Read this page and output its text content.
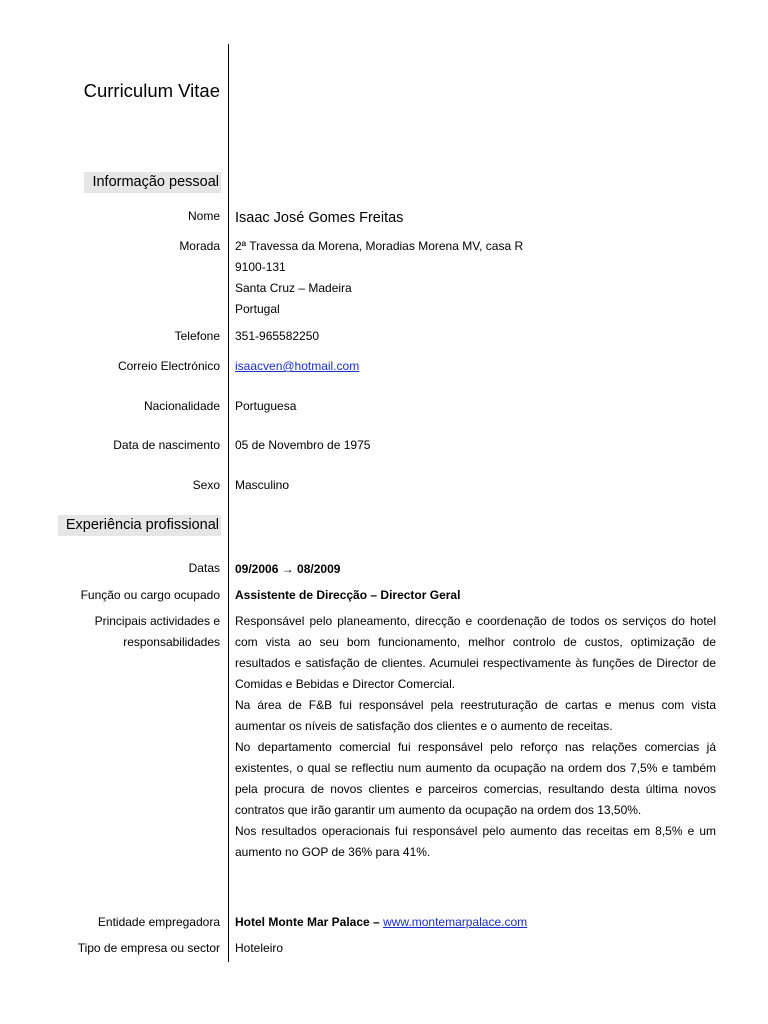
Curriculum Vitae
Informação pessoal
Nome Isaac José Gomes Freitas
Morada 2ª Travessa da Morena, Moradias Morena MV, casa R
9100-131
Santa Cruz – Madeira
Portugal
Telefone 351-965582250
Correio Electrónico isaacven@hotmail.com
Nacionalidade Portuguesa
Data de nascimento 05 de Novembro de 1975
Sexo Masculino
Experiência profissional
Datas 09/2006 → 08/2009
Função ou cargo ocupado Assistente de Direcção – Director Geral
Principais actividades e
responsabilidades

Responsável pelo planeamento, direcção e coordenação de todos os serviços do hotel com vista ao seu bom funcionamento, melhor controlo de custos, optimização de resultados e satisfação de clientes. Acumulei respectivamente às funções de Director de Comidas e Bebidas e Director Comercial.

Na área de F&B fui responsável pela reestruturação de cartas e menus com vista aumentar os níveis de satisfação dos clientes e o aumento de receitas.

No departamento comercial fui responsável pelo reforço nas relações comercias já existentes, o qual se reflectiu num aumento da ocupação na ordem dos 7,5% e também pela procura de novos clientes e parceiros comercias, resultando desta última novos contratos que irão garantir um aumento da ocupação na ordem dos 13,50%.

Nos resultados operacionais fui responsável pelo aumento das receitas em 8,5% e um aumento no GOP de 36% para 41%.

Entidade empregadora Hotel Monte Mar Palace – www.montemarpalace.com
Tipo de empresa ou sector Hoteleiro
